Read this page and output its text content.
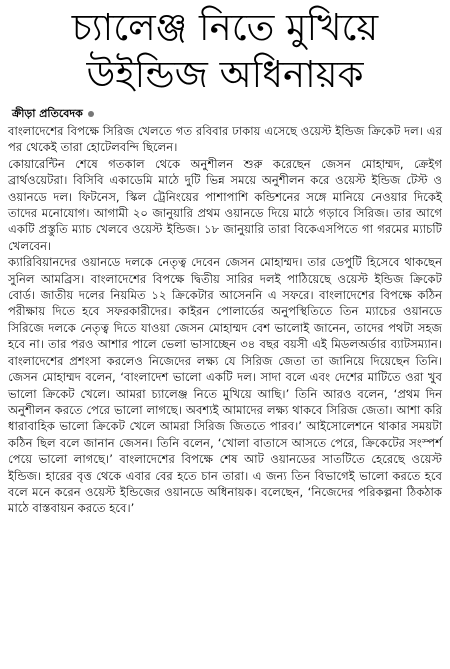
চ্যালেঞ্জ নিতে মুখিয়ে
উইন্ডিজ অধিনায়ক
ক্রীড়া প্রতিবেদক

বাংলাদেশের বিপক্ষে সিরিজ খেলতে গত রবিবার ঢাকায় এসেছে ওয়েস্ট ইন্ডিজ ক্রিকেট দল। এর পর থেকেই তারা হোটেলবন্দি ছিলেন।

কোয়ারেন্টিন শেষে গতকাল থেকে অনুশীলন শুরু করেছেন জেসন মোহাম্মদ, ক্রেইগ ব্রার্থওয়েটরা। বিসিবি একাডেমি মাঠে দুটি ভিন্ন সময়ে অনুশীলন করে ওয়েস্ট ইন্ডিজ টেস্ট ও ওয়ানডে দল। ফিটনেস, স্কিল ট্রেনিংয়ের পাশাপাশি কন্ডিশনের সঙ্গে মানিয়ে নেওয়ার দিকেই তাদের মনোযোগ। আগামী ২০ জানুয়ারি প্রথম ওয়ানডে দিয়ে মাঠে গড়াবে সিরিজ। তার আগে একটি প্রস্তুতি ম্যাচ খেলবে ওয়েস্ট ইন্ডিজ। ১৮ জানুয়ারি তারা বিকেএসপিতে গা গরমের ম্যাচটি খেলবেন।

ক্যারিবিয়ানদের ওয়ানডে দলকে নেতৃত্ব দেবেন জেসন মোহাম্মদ। তার ডেপুটি হিসেবে থাকছেন সুনিল আমব্রিস। বাংলাদেশের বিপক্ষে দ্বিতীয় সারির দলই পাঠিয়েছে ওয়েস্ট ইন্ডিজ ক্রিকেট বোর্ড। জাতীয় দলের নিয়মিত ১২ ক্রিকেটার আসেননি এ সফরে। বাংলাদেশের বিপক্ষে কঠিন পরীক্ষায় দিতে হবে সফরকারীদের। কাইরন পোলার্ডের অনুপস্থিতিতে তিন ম্যাচের ওয়ানডে সিরিজে দলকে নেতৃত্ব দিতে যাওয়া জেসন মোহাম্মদ বেশ ভালোই জানেন, তাদের পথটা সহজ হবে না। তার পরও আশার পালে ভেলা ভাসাচ্ছেন ৩৪ বছর বয়সী এই মিডলঅর্ডার ব্যাটসম্যান। বাংলাদেশের প্রশংসা করলেও নিজেদের লক্ষ্য যে সিরিজ জেতা তা জানিয়ে দিয়েছেন তিনি। জেসন মোহাম্মদ বলেন, ‘বাংলাদেশ ভালো একটি দল। সাদা বলে এবং দেশের মাটিতে ওরা খুব ভালো ক্রিকেট খেলে। আমরা চ্যালেঞ্জ নিতে মুখিয়ে আছি।’ তিনি আরও বলেন, ‘প্রথম দিন অনুশীলন করতে পেরে ভালো লাগছে। অবশ্যই আমাদের লক্ষ্য থাকবে সিরিজ জেতা। আশা করি ধারাবাহিক ভালো ক্রিকেট খেলে আমরা সিরিজ জিততে পারব।’ আইসোলেশনে থাকার সময়টা কঠিন ছিল বলে জানান জেসন। তিনি বলেন, ‘খোলা বাতাসে আসতে পেরে, ক্রিকেটের সংস্পর্শ পেয়ে ভালো লাগছে।’ বাংলাদেশের বিপক্ষে শেষ আট ওয়ানডের সাতটিতে হেরেছে ওয়েস্ট ইন্ডিজ। হারের বৃত্ত থেকে এবার বের হতে চান তারা। এ জন্য তিন বিভাগেই ভালো করতে হবে বলে মনে করেন ওয়েস্ট ইন্ডিজের ওয়ানডে অধিনায়ক। বলেছেন, ‘নিজেদের পরিকল্পনা ঠিকঠাক মাঠে বাস্তবায়ন করতে হবে।’
